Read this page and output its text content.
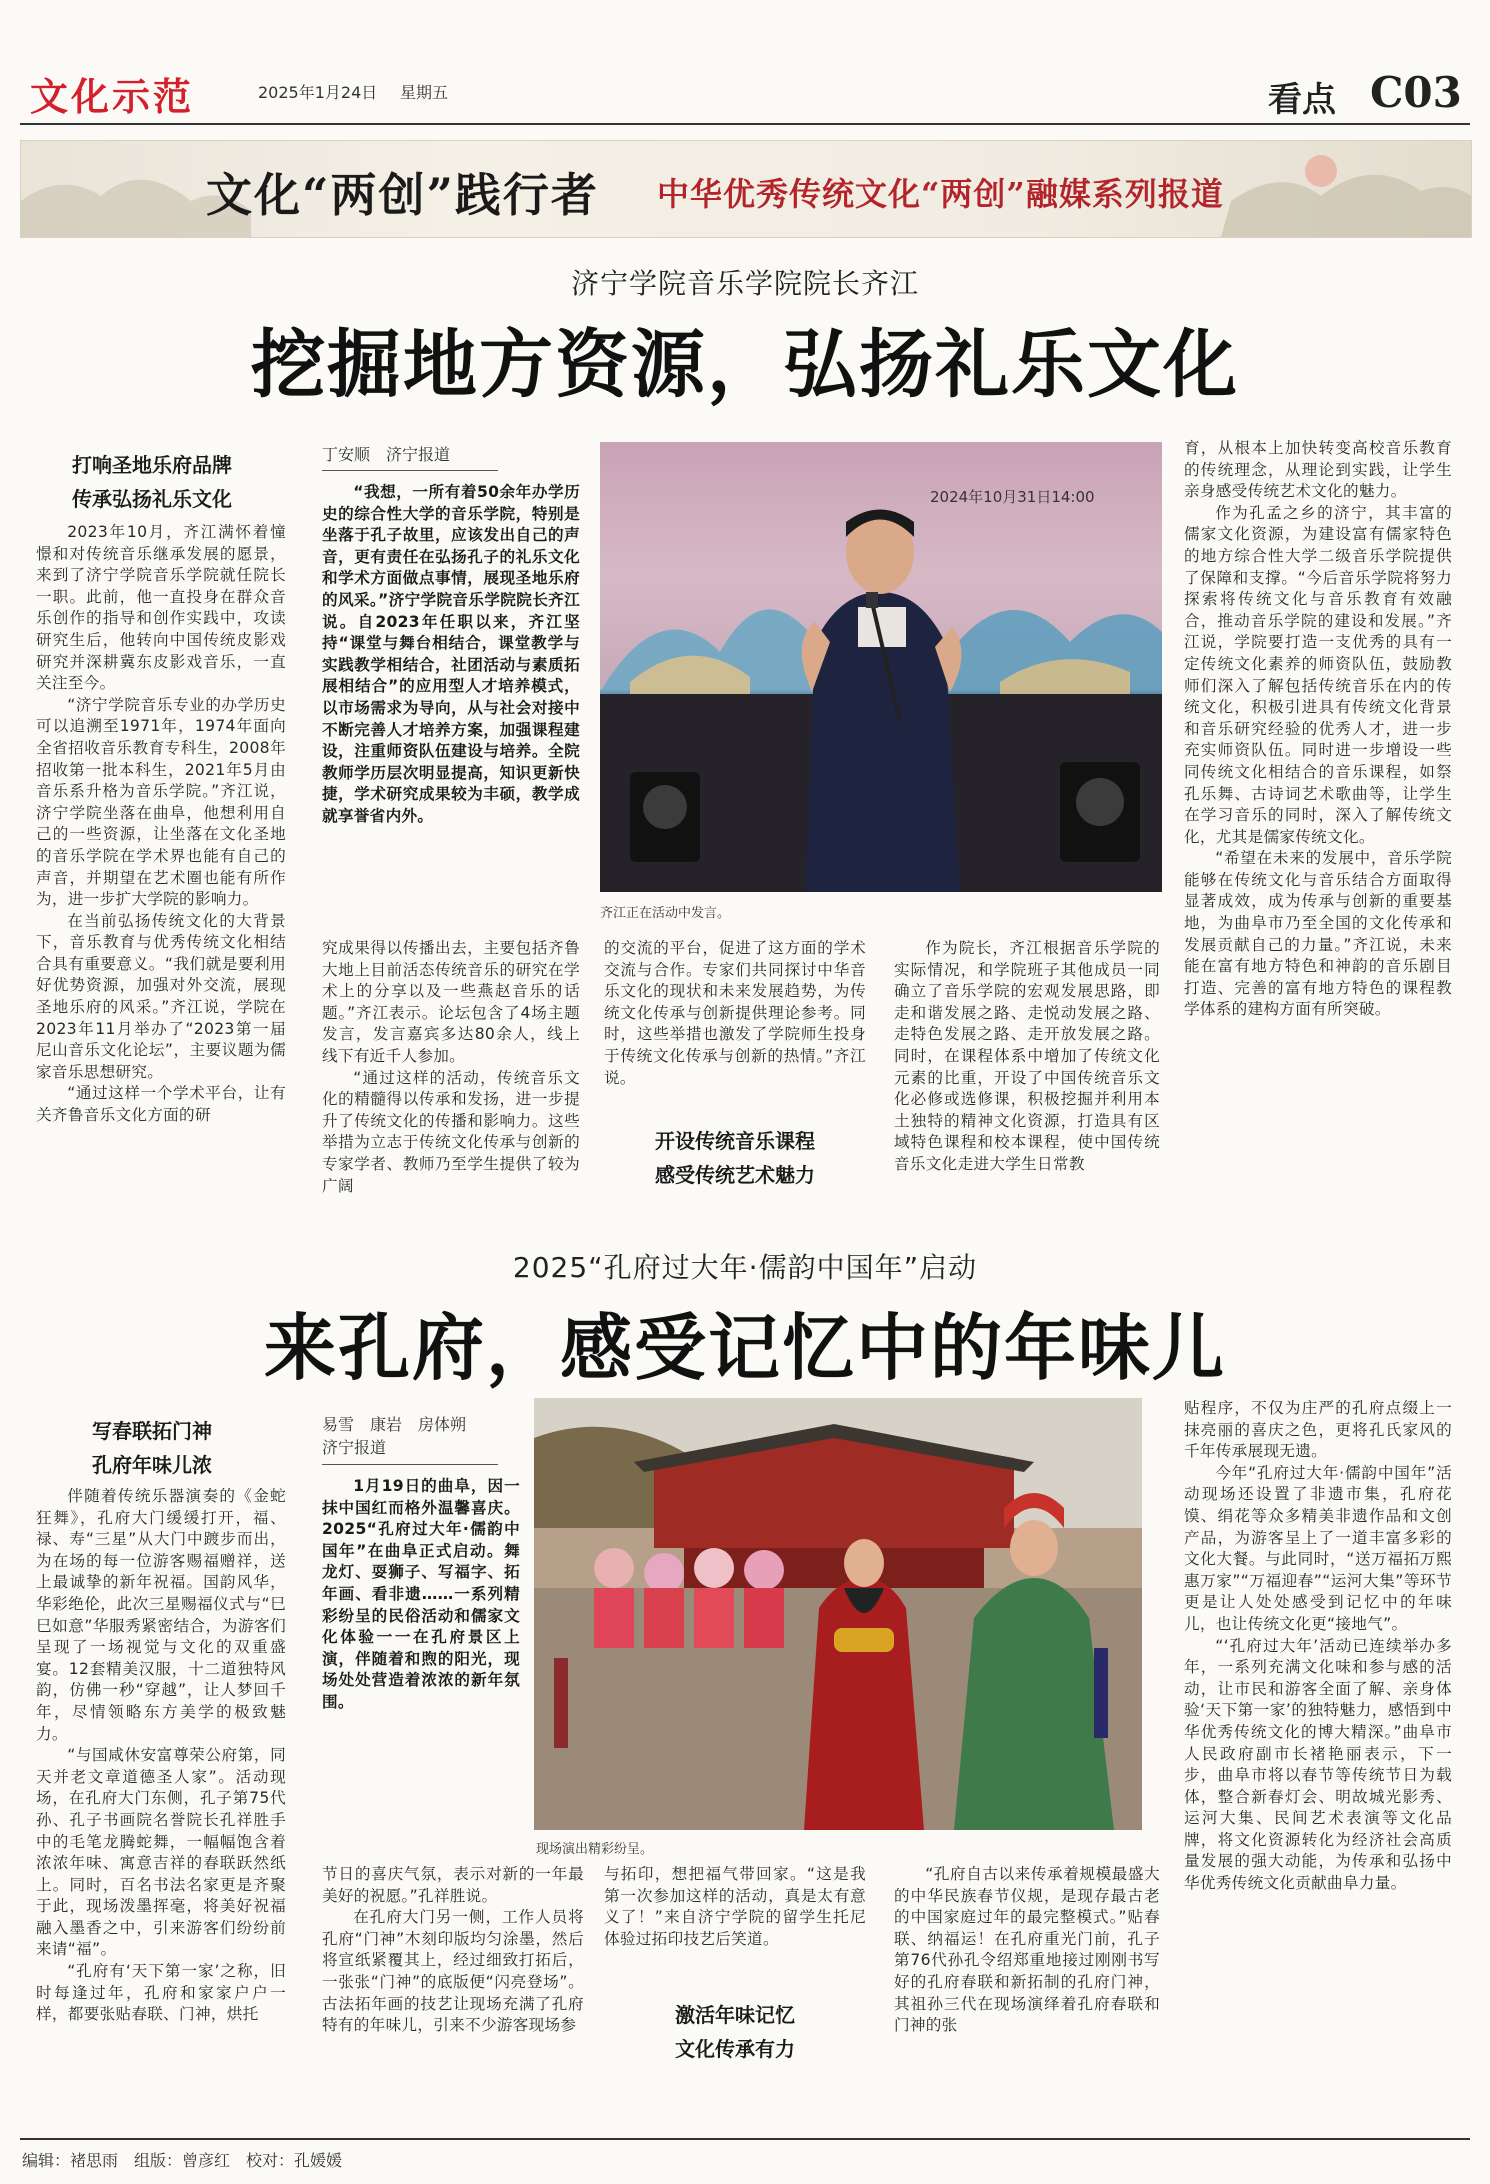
文化示范	2025年1月24日 星期五	看点 C03
文化“两创”践行者 中华优秀传统文化“两创”融媒系列报道
济宁学院音乐学院院长齐江
挖掘地方资源，弘扬礼乐文化
打响圣地乐府品牌
传承弘扬礼乐文化

2023年10月，齐江满怀着憧憬和对传统音乐继承发展的愿景，来到了济宁学院音乐学院就任院长一职。此前，他一直投身在群众音乐创作的指导和创作实践中，攻读研究生后，他转向中国传统皮影戏研究并深耕冀东皮影戏音乐，一直关注至今。

“济宁学院音乐专业的办学历史可以追溯至1971年，1974年面向全省招收音乐教育专科生，2008年招收第一批本科生，2021年5月由音乐系升格为音乐学院。”齐江说，济宁学院坐落在曲阜，他想利用自己的一些资源，让坐落在文化圣地的音乐学院在学术界也能有自己的声音，并期望在艺术圈也能有所作为，进一步扩大学院的影响力。

在当前弘扬传统文化的大背景下，音乐教育与优秀传统文化相结合具有重要意义。“我们就是要利用好优势资源，加强对外交流，展现圣地乐府的风采。”齐江说，学院在2023年11月举办了“2023第一届尼山音乐文化论坛”，主要议题为儒家音乐思想研究。

“通过这样一个学术平台，让有关齐鲁音乐文化方面的研

丁安顺　济宁报道

“我想，一所有着50余年办学历史的综合性大学的音乐学院，特别是坐落于孔子故里，应该发出自己的声音，更有责任在弘扬孔子的礼乐文化和学术方面做点事情，展现圣地乐府的风采。”济宁学院音乐学院院长齐江说。自2023年任职以来，齐江坚持“课堂与舞台相结合，课堂教学与实践教学相结合，社团活动与素质拓展相结合”的应用型人才培养模式，以市场需求为导向，从与社会对接中不断完善人才培养方案，加强课程建设，注重师资队伍建设与培养。全院教师学历层次明显提高，知识更新快捷，学术研究成果较为丰硕，教学成就享誉省内外。

2024年10月31日14:00
齐江正在活动中发言。

育，从根本上加快转变高校音乐教育的传统理念，从理论到实践，让学生亲身感受传统艺术文化的魅力。

作为孔孟之乡的济宁，其丰富的儒家文化资源，为建设富有儒家特色的地方综合性大学二级音乐学院提供了保障和支撑。“今后音乐学院将努力探索将传统文化与音乐教育有效融合，推动音乐学院的建设和发展。”齐江说，学院要打造一支优秀的具有一定传统文化素养的师资队伍，鼓励教师们深入了解包括传统音乐在内的传统文化，积极引进具有传统文化背景和音乐研究经验的优秀人才，进一步充实师资队伍。同时进一步增设一些同传统文化相结合的音乐课程，如祭孔乐舞、古诗词艺术歌曲等，让学生在学习音乐的同时，深入了解传统文化，尤其是儒家传统文化。

“希望在未来的发展中，音乐学院能够在传统文化与音乐结合方面取得显著成效，成为传承与创新的重要基地，为曲阜市乃至全国的文化传承和发展贡献自己的力量。”齐江说，未来能在富有地方特色和神韵的音乐剧目打造、完善的富有地方特色的课程教学体系的建构方面有所突破。

究成果得以传播出去，主要包括齐鲁大地上目前活态传统音乐的研究在学术上的分享以及一些燕赵音乐的话题。”齐江表示。论坛包含了4场主题发言，发言嘉宾多达80余人，线上线下有近千人参加。

“通过这样的活动，传统音乐文化的精髓得以传承和发扬，进一步提升了传统文化的传播和影响力。这些举措为立志于传统文化传承与创新的专家学者、教师乃至学生提供了较为广阔

的交流的平台，促进了这方面的学术交流与合作。专家们共同探讨中华音乐文化的现状和未来发展趋势，为传统文化传承与创新提供理论参考。同时，这些举措也激发了学院师生投身于传统文化传承与创新的热情。”齐江说。

开设传统音乐课程
感受传统艺术魅力

作为院长，齐江根据音乐学院的实际情况，和学院班子其他成员一同确立了音乐学院的宏观发展思路，即走和谐发展之路、走悦动发展之路、走特色发展之路、走开放发展之路。同时，在课程体系中增加了传统文化元素的比重，开设了中国传统音乐文化必修或选修课，积极挖掘并利用本土独特的精神文化资源，打造具有区域特色课程和校本课程，使中国传统音乐文化走进大学生日常教

2025“孔府过大年·儒韵中国年”启动
来孔府，感受记忆中的年味儿
写春联拓门神
孔府年味儿浓

伴随着传统乐器演奏的《金蛇狂舞》，孔府大门缓缓打开，福、禄、寿“三星”从大门中踱步而出，为在场的每一位游客赐福赠祥，送上最诚挚的新年祝福。国韵风华，华彩绝伦，此次三星赐福仪式与“巳巳如意”华服秀紧密结合，为游客们呈现了一场视觉与文化的双重盛宴。12套精美汉服，十二道独特风韵，仿佛一秒“穿越”，让人梦回千年，尽情领略东方美学的极致魅力。

“与国咸休安富尊荣公府第，同天并老文章道德圣人家”。活动现场，在孔府大门东侧，孔子第75代孙、孔子书画院名誉院长孔祥胜手中的毛笔龙腾蛇舞，一幅幅饱含着浓浓年味、寓意吉祥的春联跃然纸上。同时，百名书法名家更是齐聚于此，现场泼墨挥毫，将美好祝福融入墨香之中，引来游客们纷纷前来请“福”。

“孔府有‘天下第一家’之称，旧时每逢过年，孔府和家家户户一样，都要张贴春联、门神，烘托

易雪　康岩　房体朔
济宁报道

1月19日的曲阜，因一抹中国红而格外温馨喜庆。2025“孔府过大年·儒韵中国年”在曲阜正式启动。舞龙灯、耍狮子、写福字、拓年画、看非遗……一系列精彩纷呈的民俗活动和儒家文化体验一一在孔府景区上演，伴随着和煦的阳光，现场处处营造着浓浓的新年氛围。

现场演出精彩纷呈。

贴程序，不仅为庄严的孔府点缀上一抹亮丽的喜庆之色，更将孔氏家风的千年传承展现无遗。

今年“孔府过大年·儒韵中国年”活动现场还设置了非遗市集，孔府花馍、绢花等众多精美非遗作品和文创产品，为游客呈上了一道丰富多彩的文化大餐。与此同时，“送万福拓万熙惠万家”“万福迎春”“运河大集”等环节更是让人处处感受到记忆中的年味儿，也让传统文化更“接地气”。

“‘孔府过大年’活动已连续举办多年，一系列充满文化味和参与感的活动，让市民和游客全面了解、亲身体验‘天下第一家’的独特魅力，感悟到中华优秀传统文化的博大精深。”曲阜市人民政府副市长褚艳丽表示，下一步，曲阜市将以春节等传统节日为载体，整合新春灯会、明故城光影秀、运河大集、民间艺术表演等文化品牌，将文化资源转化为经济社会高质量发展的强大动能，为传承和弘扬中华优秀传统文化贡献曲阜力量。

节日的喜庆气氛，表示对新的一年最美好的祝愿。”孔祥胜说。

在孔府大门另一侧，工作人员将孔府“门神”木刻印版均匀涂墨，然后将宣纸紧覆其上，经过细致打拓后，一张张“门神”的底版便“闪亮登场”。古法拓年画的技艺让现场充满了孔府特有的年味儿，引来不少游客现场参

与拓印，想把福气带回家。“这是我第一次参加这样的活动，真是太有意义了！”来自济宁学院的留学生托尼体验过拓印技艺后笑道。

激活年味记忆
文化传承有力

“孔府自古以来传承着规模最盛大的中华民族春节仪规，是现存最古老的中国家庭过年的最完整模式。”贴春联、纳福运！在孔府重光门前，孔子第76代孙孔令绍郑重地接过刚刚书写好的孔府春联和新拓制的孔府门神，其祖孙三代在现场演绎着孔府春联和门神的张

编辑：褚思雨　组版：曾彦红　校对：孔媛媛
